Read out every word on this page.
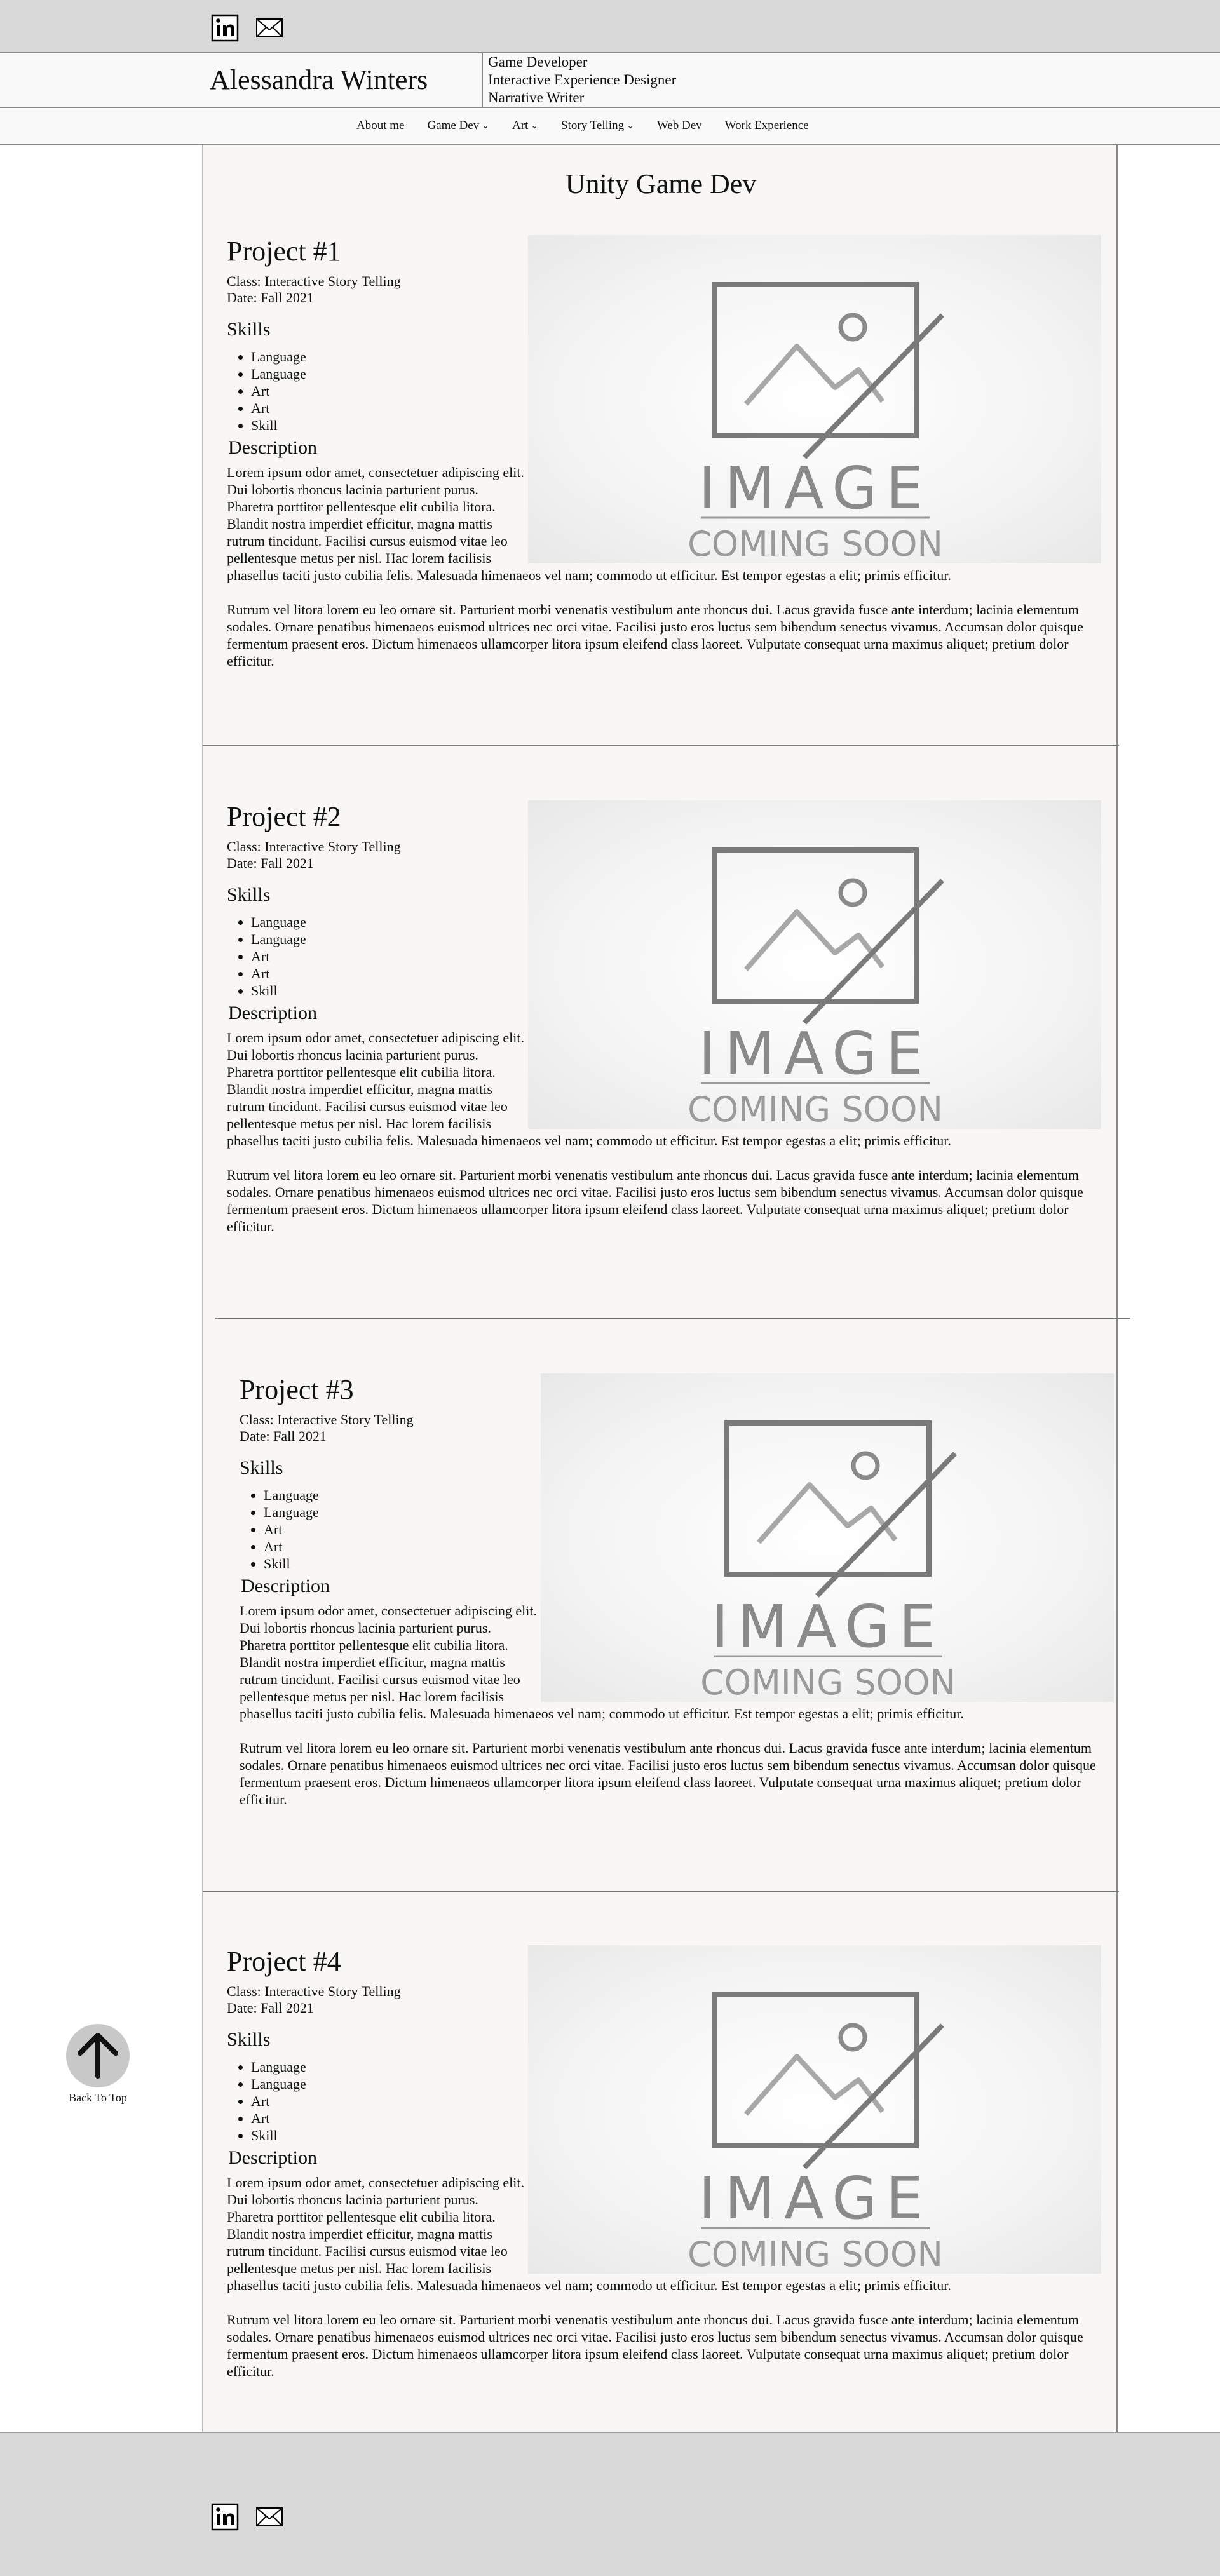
Alessandra Winters
Game Developer
Interactive Experience Designer
Narrative Writer
About me Game Dev ⌄ Art ⌄ Story Telling ⌄ Web Dev Work Experience
Unity Game Dev
IMAGE
COMING SOON
Project #1
Class: Interactive Story Telling
Date: Fall 2021
Skills
• Language
• Language
• Art
• Art
• Skill
Description

Lorem ipsum odor amet, consectetuer adipiscing elit. Dui lobortis rhoncus lacinia parturient purus. Pharetra porttitor pellentesque elit cubilia litora. Blandit nostra imperdiet efficitur, magna mattis rutrum tincidunt. Facilisi cursus euismod vitae leo pellentesque metus per nisl. Hac lorem facilisis phasellus taciti justo cubilia felis. Malesuada himenaeos vel nam; commodo ut efficitur. Est tempor egestas a elit; primis efficitur.

Rutrum vel litora lorem eu leo ornare sit. Parturient morbi venenatis vestibulum ante rhoncus dui. Lacus gravida fusce ante interdum; lacinia elementum sodales. Ornare penatibus himenaeos euismod ultrices nec orci vitae. Facilisi justo eros luctus sem bibendum senectus vivamus. Accumsan dolor quisque fermentum praesent eros. Dictum himenaeos ullamcorper litora ipsum eleifend class laoreet. Vulputate consequat urna maximus aliquet; pretium dolor efficitur.

IMAGE
COMING SOON
Project #2
Class: Interactive Story Telling
Date: Fall 2021
Skills
• Language
• Language
• Art
• Art
• Skill
Description

Lorem ipsum odor amet, consectetuer adipiscing elit. Dui lobortis rhoncus lacinia parturient purus. Pharetra porttitor pellentesque elit cubilia litora. Blandit nostra imperdiet efficitur, magna mattis rutrum tincidunt. Facilisi cursus euismod vitae leo pellentesque metus per nisl. Hac lorem facilisis phasellus taciti justo cubilia felis. Malesuada himenaeos vel nam; commodo ut efficitur. Est tempor egestas a elit; primis efficitur.

Rutrum vel litora lorem eu leo ornare sit. Parturient morbi venenatis vestibulum ante rhoncus dui. Lacus gravida fusce ante interdum; lacinia elementum sodales. Ornare penatibus himenaeos euismod ultrices nec orci vitae. Facilisi justo eros luctus sem bibendum senectus vivamus. Accumsan dolor quisque fermentum praesent eros. Dictum himenaeos ullamcorper litora ipsum eleifend class laoreet. Vulputate consequat urna maximus aliquet; pretium dolor efficitur.

IMAGE
COMING SOON
Project #3
Class: Interactive Story Telling
Date: Fall 2021
Skills
• Language
• Language
• Art
• Art
• Skill
Description

Lorem ipsum odor amet, consectetuer adipiscing elit. Dui lobortis rhoncus lacinia parturient purus. Pharetra porttitor pellentesque elit cubilia litora. Blandit nostra imperdiet efficitur, magna mattis rutrum tincidunt. Facilisi cursus euismod vitae leo pellentesque metus per nisl. Hac lorem facilisis phasellus taciti justo cubilia felis. Malesuada himenaeos vel nam; commodo ut efficitur. Est tempor egestas a elit; primis efficitur.

Rutrum vel litora lorem eu leo ornare sit. Parturient morbi venenatis vestibulum ante rhoncus dui. Lacus gravida fusce ante interdum; lacinia elementum sodales. Ornare penatibus himenaeos euismod ultrices nec orci vitae. Facilisi justo eros luctus sem bibendum senectus vivamus. Accumsan dolor quisque fermentum praesent eros. Dictum himenaeos ullamcorper litora ipsum eleifend class laoreet. Vulputate consequat urna maximus aliquet; pretium dolor efficitur.

IMAGE
COMING SOON
Project #4
Class: Interactive Story Telling
Date: Fall 2021
Skills
• Language
• Language
• Art
• Art
• Skill
Description

Lorem ipsum odor amet, consectetuer adipiscing elit. Dui lobortis rhoncus lacinia parturient purus. Pharetra porttitor pellentesque elit cubilia litora. Blandit nostra imperdiet efficitur, magna mattis rutrum tincidunt. Facilisi cursus euismod vitae leo pellentesque metus per nisl. Hac lorem facilisis phasellus taciti justo cubilia felis. Malesuada himenaeos vel nam; commodo ut efficitur. Est tempor egestas a elit; primis efficitur.

Rutrum vel litora lorem eu leo ornare sit. Parturient morbi venenatis vestibulum ante rhoncus dui. Lacus gravida fusce ante interdum; lacinia elementum sodales. Ornare penatibus himenaeos euismod ultrices nec orci vitae. Facilisi justo eros luctus sem bibendum senectus vivamus. Accumsan dolor quisque fermentum praesent eros. Dictum himenaeos ullamcorper litora ipsum eleifend class laoreet. Vulputate consequat urna maximus aliquet; pretium dolor efficitur.

Back To Top
